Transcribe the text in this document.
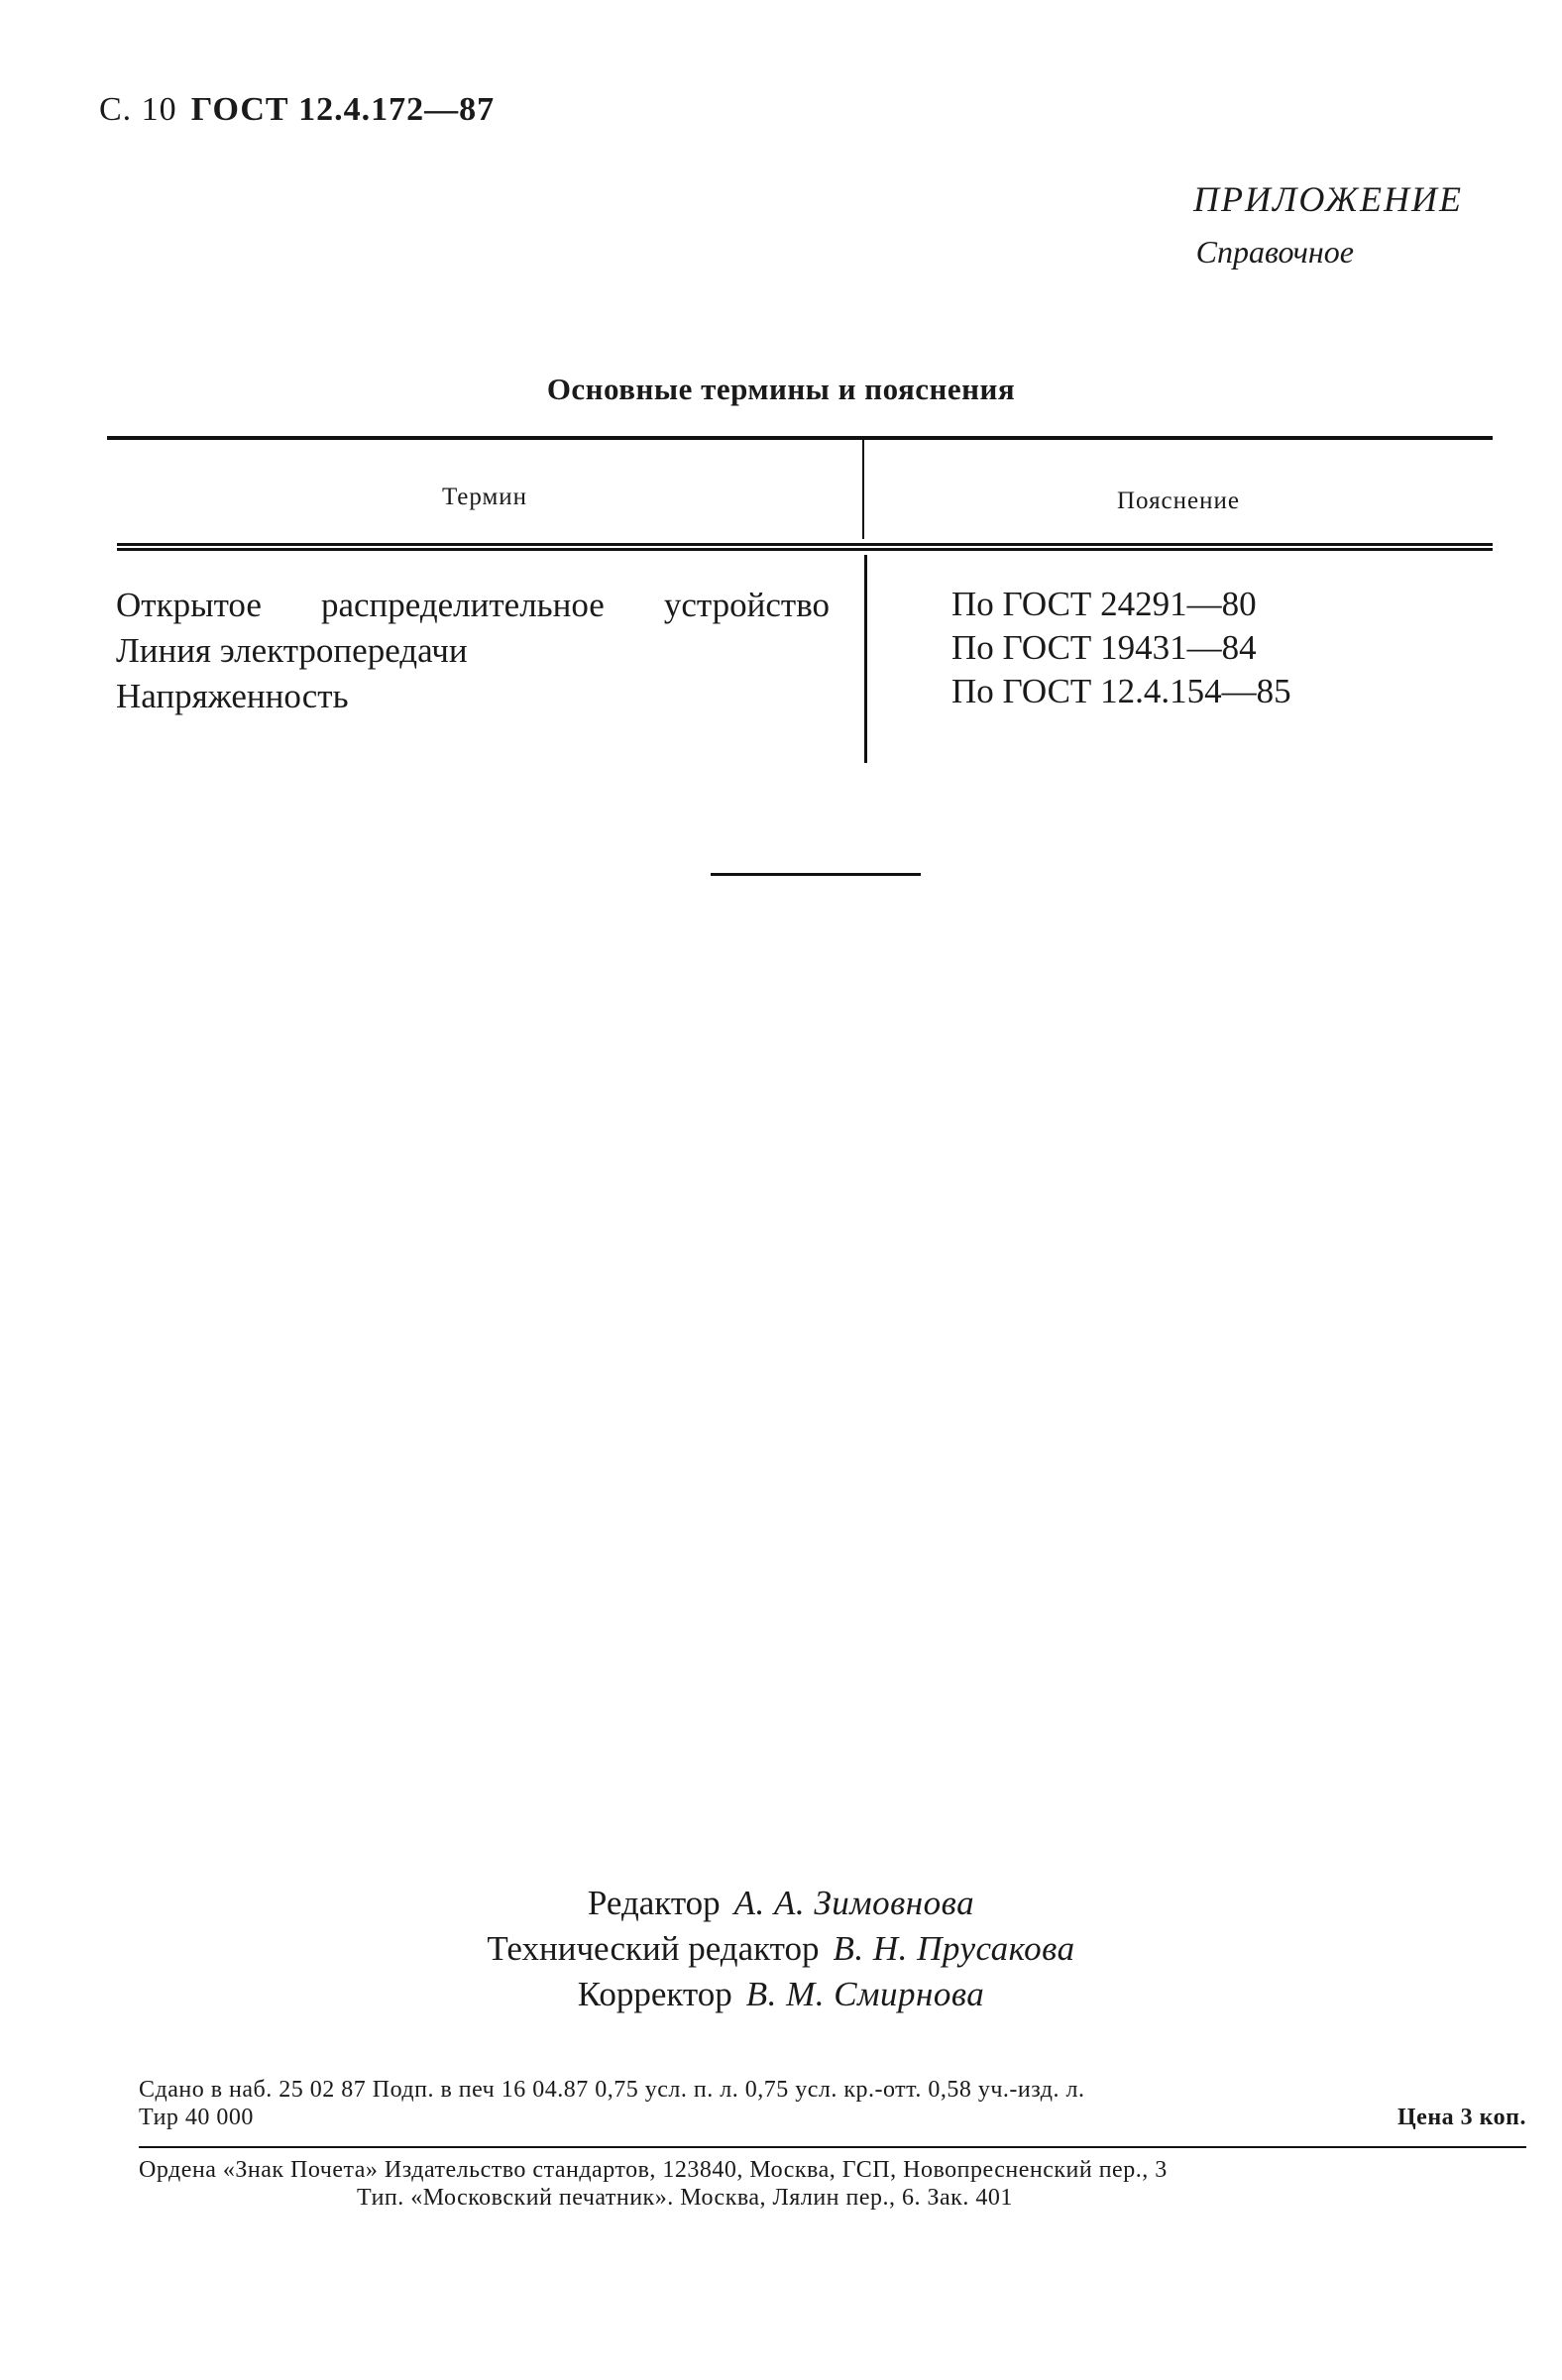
С. 10 ГОСТ 12.4.172—87
ПРИЛОЖЕНИЕ
Справочное
Основные термины и пояснения
Термин	Пояснение
Открытое распределительное устройство
Линия электропередачи
Напряженность
По ГОСТ 24291—80
По ГОСТ 19431—84
По ГОСТ 12.4.154—85
Редактор А. А. Зимовнова
Технический редактор В. Н. Прусакова
Корректор В. М. Смирнова
Сдано в наб. 25 02 87 Подп. в печ 16 04.87 0,75 усл. п. л. 0,75 усл. кр.-отт. 0,58 уч.-изд. л.
Тир 40 000	Цена 3 коп.
Ордена «Знак Почета» Издательство стандартов, 123840, Москва, ГСП, Новопресненский пер., 3
Тип. «Московский печатник». Москва, Лялин пер., 6. Зак. 401
